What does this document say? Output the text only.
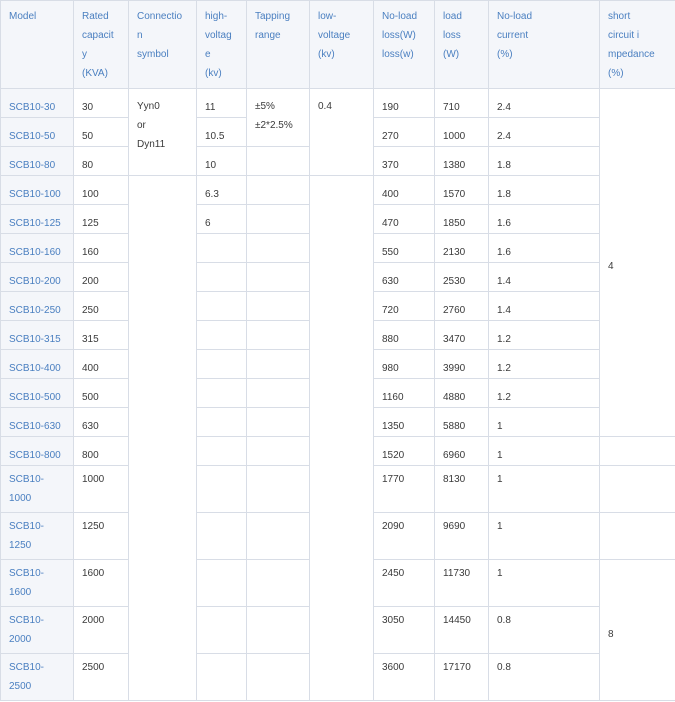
Model	Rated
capacit
y
(KVA)	Connectio
n
symbol	high-
voltag
e
(kv)	Tapping
range	low-
voltage
(kv)	No-load
loss(W)
loss(w)	load
loss
(W)	No-load
current
(%)	short
circuit i
mpedance
(%)

SCB10-30	30	Yyn0
or
Dyn11	11	±5%
±2*2.5%	0.4	190	710	2.4	4

SCB10-50	50		10.5			270	1000	2.4	

SCB10-80	80		10			370	1380	1.8	

SCB10-100	100		6.3			400	1570	1.8	

SCB10-125	125		6			470	1850	1.6	

SCB10-160	160					550	2130	1.6	

SCB10-200	200					630	2530	1.4	

SCB10-250	250					720	2760	1.4	

SCB10-315	315					880	3470	1.2	

SCB10-400	400					980	3990	1.2	

SCB10-500	500					1160	4880	1.2	

SCB10-630	630					1350	5880	1	

SCB10-800	800					1520	6960	1	

SCB10-
1000	1000					1770	8130	1	

SCB10-
1250	1250					2090	9690	1	

SCB10-
1600	1600					2450	11730	1	8

SCB10-
2000	2000					3050	14450	0.8	

SCB10-
2500	2500					3600	17170	0.8	
